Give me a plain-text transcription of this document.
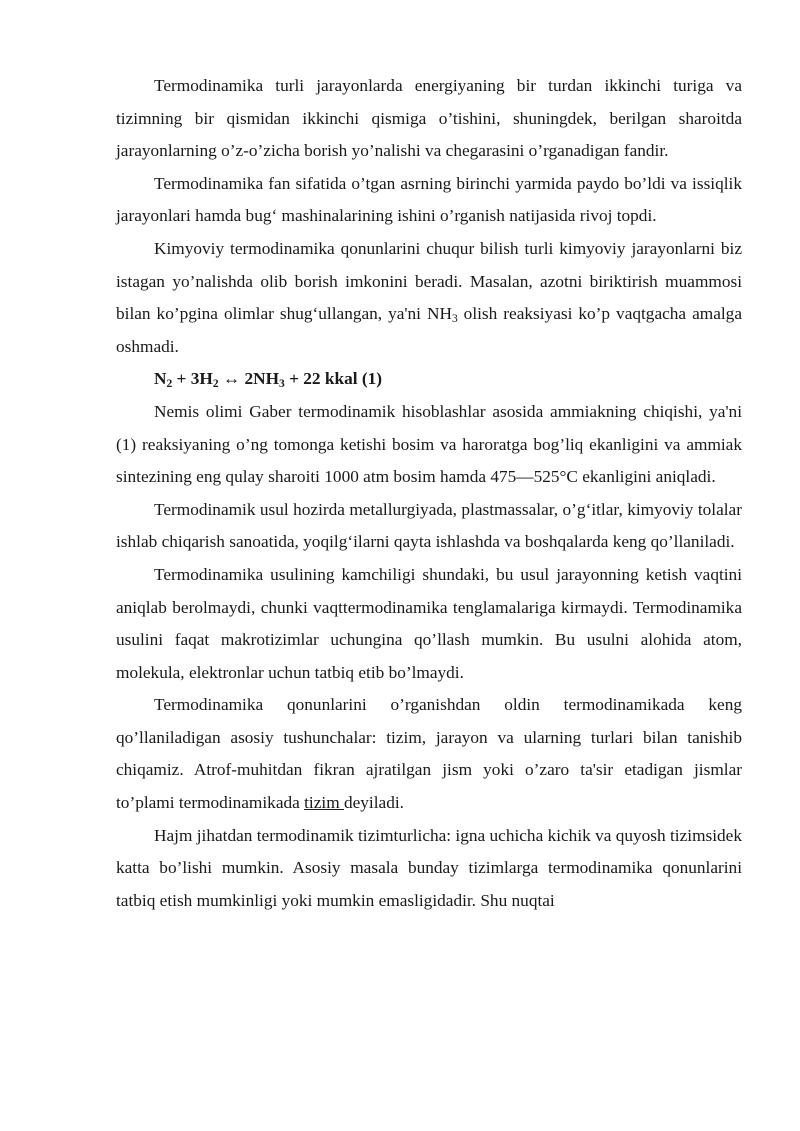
Termodinamika turli jarayonlarda energiyaning bir turdan ikkinchi turiga va tizimning bir qismidan ikkinchi qismiga o’tishini, shuningdek, berilgan sharoitda jarayonlarning o’z-o’zicha borish yo’nalishi va chegarasini o’rganadigan fandir.

Termodinamika fan sifatida o’tgan asrning birinchi yarmida paydo bo’ldi va issiqlik jarayonlari hamda bug‘ mashinalarining ishini o’rganish natijasida rivoj topdi.

Kimyoviy termodinamika qonunlarini chuqur bilish turli kimyoviy jarayonlarni biz istagan yo’nalishda olib borish imkonini beradi. Masalan, azotni biriktirish muammosi bilan ko’pgina olimlar shug‘ullangan, ya'ni $NH_3$ olish reaksiyasi ko’p vaqtgacha amalga oshmadi.

$N_2 + 3H_2$ ↔ $2NH_3 + 22$ kkal (1)

Nemis olimi Gaber termodinamik hisoblashlar asosida ammiakning chiqishi, ya'ni (1) reaksiyaning o’ng tomonga ketishi bosim va haroratga bog’liq ekanligini va ammiak sintezining eng qulay sharoiti 1000 atm bosim hamda 475—525°C ekanligini aniqladi.

Termodinamik usul hozirda metallurgiyada, plastmassalar, o’g‘itlar, kimyoviy tolalar ishlab chiqarish sanoatida, yoqilg‘ilarni qayta ishlashda va boshqalarda keng qo’llaniladi.

Termodinamika usulining kamchiligi shundaki, bu usul jarayonning ketish vaqtini aniqlab berolmaydi, chunki vaqttermodinamika tenglamalariga kirmaydi. Termodinamika usulini faqat makrotizimlar uchungina qo’llash mumkin. Bu usulni alohida atom, molekula, elektronlar uchun tatbiq etib bo’lmaydi.

Termodinamika qonunlarini o’rganishdan oldin termodinamikada keng qo’llaniladigan asosiy tushunchalar: tizim, jarayon va ularning turlari bilan tanishib chiqamiz. Atrof-muhitdan fikran ajratilgan jism yoki o’zaro ta'sir etadigan jismlar to’plami termodinamikada tizim deyiladi.

Hajm jihatdan termodinamik tizimturlicha: igna uchicha kichik va quyosh tizimsidek katta bo’lishi mumkin. Asosiy masala bunday tizimlarga termodinamika qonunlarini tatbiq etish mumkinligi yoki mumkin emasligidadir. Shu nuqtai
